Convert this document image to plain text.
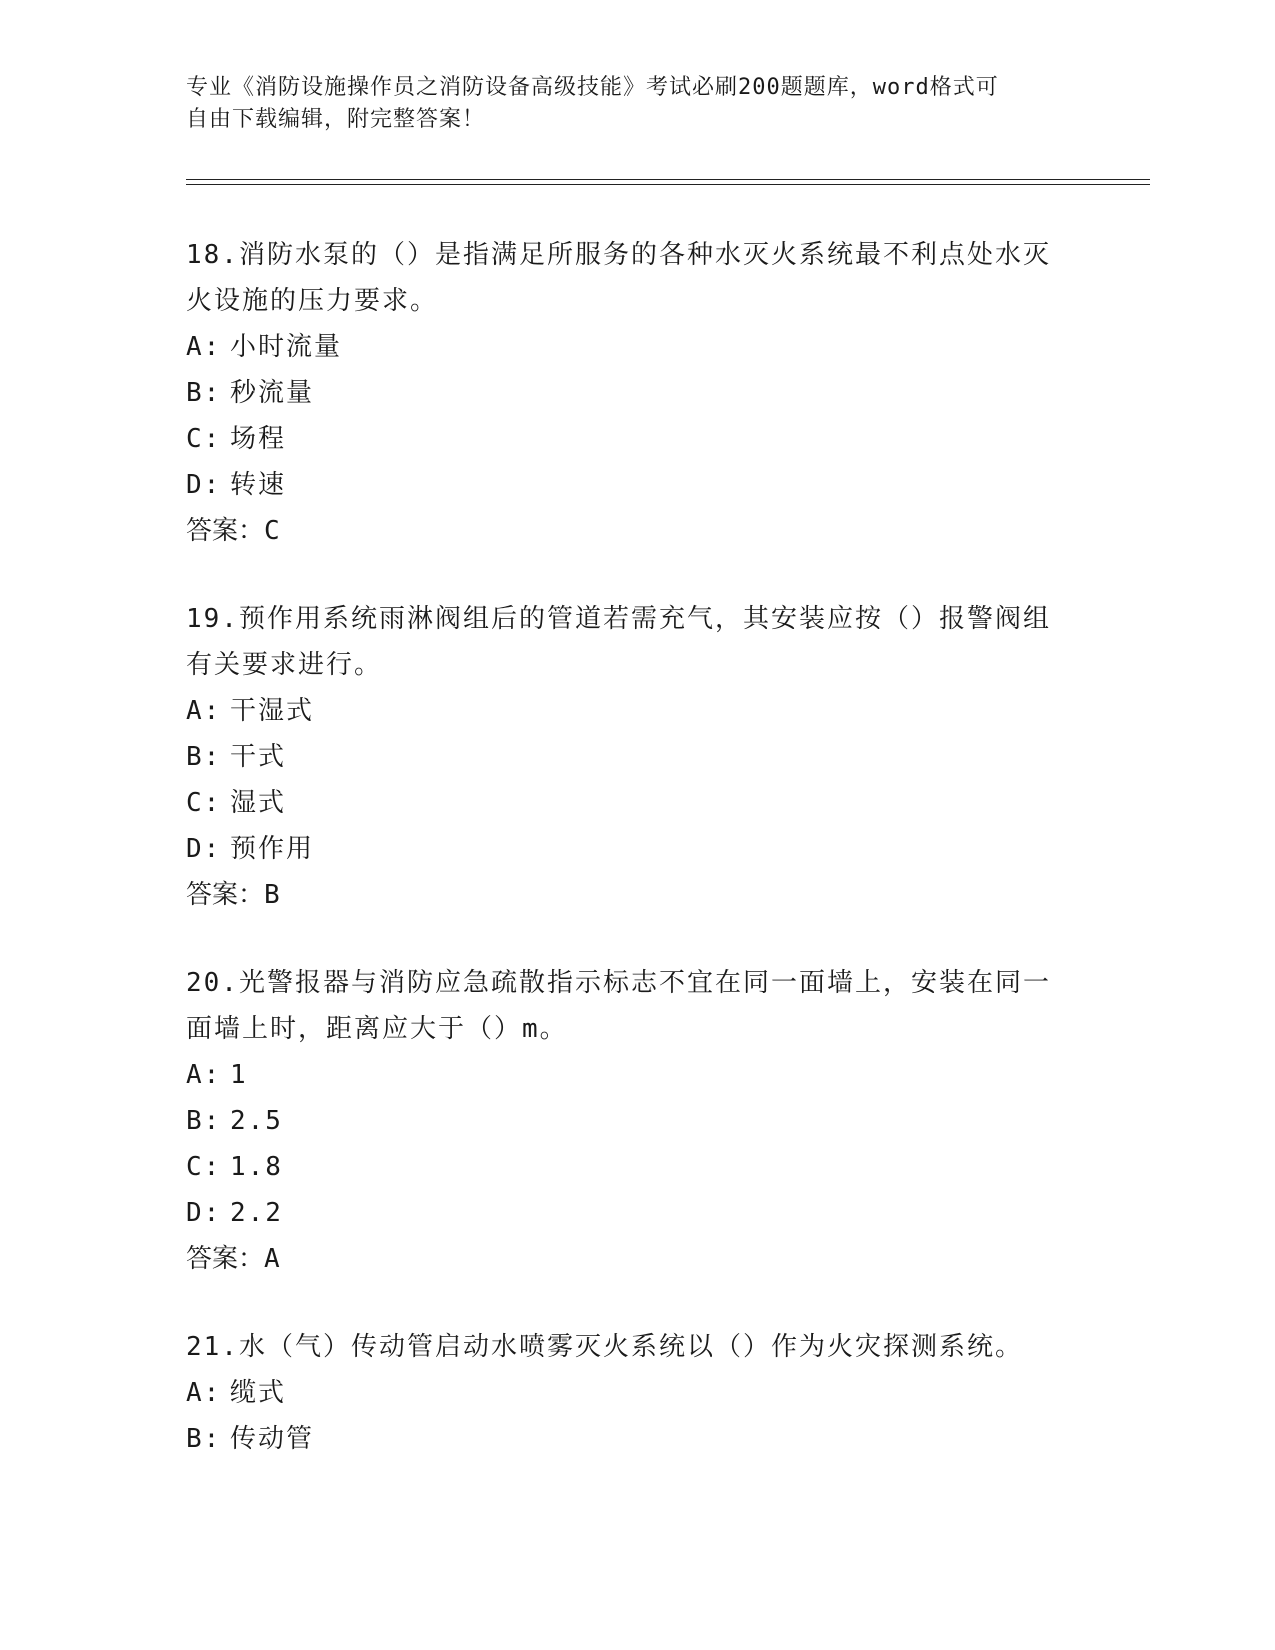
专业《消防设施操作员之消防设备高级技能》考试必刷200题题库，word格式可
自由下载编辑，附完整答案！

18.消防水泵的（）是指满足所服务的各种水灭火系统最不利点处水灭火设施的压力要求。

A: 小时流量

B: 秒流量

C: 场程

D: 转速

答案：C

19.预作用系统雨淋阀组后的管道若需充气，其安装应按（）报警阀组有关要求进行。

A: 干湿式

B: 干式

C: 湿式

D: 预作用

答案：B

20.光警报器与消防应急疏散指示标志不宜在同一面墙上，安装在同一面墙上时，距离应大于（）m。

A: 1

B: 2.5

C: 1.8

D: 2.2

答案：A

21.水（气）传动管启动水喷雾灭火系统以（）作为火灾探测系统。

A: 缆式

B: 传动管
